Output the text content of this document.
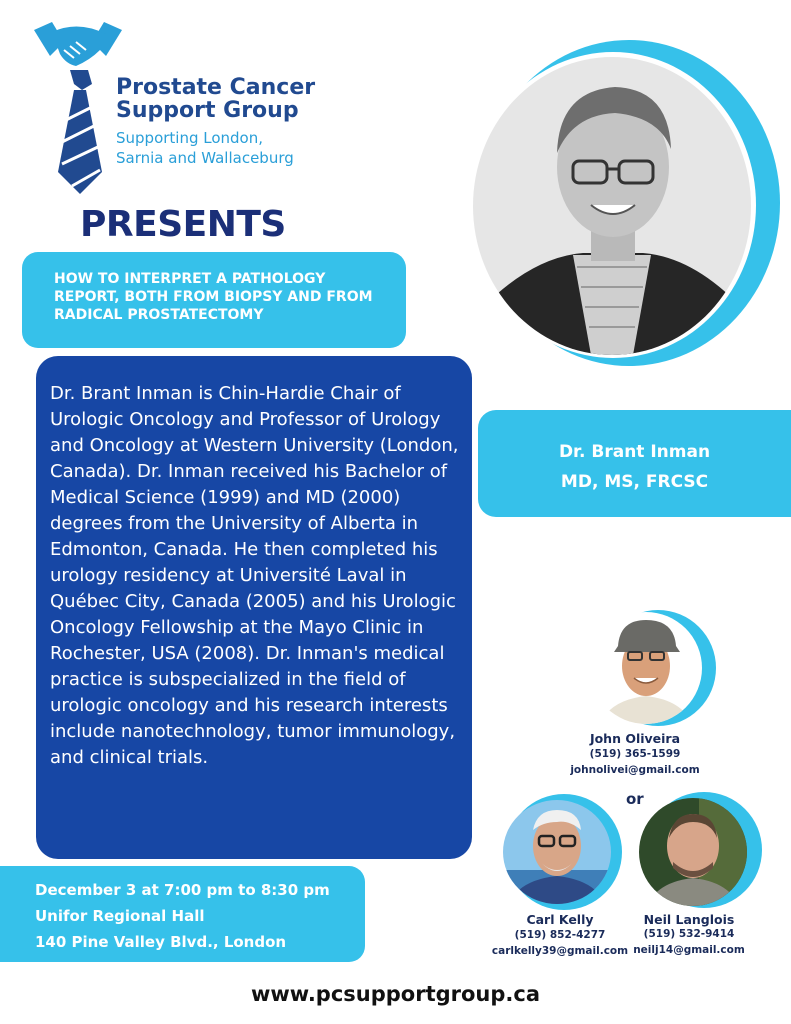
Prostate Cancer
Support Group
Supporting London,
Sarnia and Wallaceburg
PRESENTS
HOW TO INTERPRET A PATHOLOGY REPORT, BOTH FROM BIOPSY AND FROM RADICAL PROSTATECTOMY
Dr. Brant Inman is Chin-Hardie Chair of Urologic Oncology and Professor of Urology and Oncology at Western University (London, Canada). Dr. Inman received his Bachelor of Medical Science (1999) and MD (2000) degrees from the University of Alberta in Edmonton, Canada. He then completed his urology residency at Université Laval in Québec City, Canada (2005) and his Urologic Oncology Fellowship at the Mayo Clinic in Rochester, USA (2008). Dr. Inman's medical practice is subspecialized in the field of urologic oncology and his research interests include nanotechnology, tumor immunology, and clinical trials.
Dr. Brant Inman
MD, MS, FRCSC
December 3 at 7:00 pm to 8:30 pm
Unifor Regional Hall
140 Pine Valley Blvd., London
John Oliveira
(519) 365-1599
johnolivei@gmail.com
or
Carl Kelly
(519) 852-4277
carlkelly39@gmail.com
Neil Langlois
(519) 532-9414
neilj14@gmail.com
www.pcsupportgroup.ca
